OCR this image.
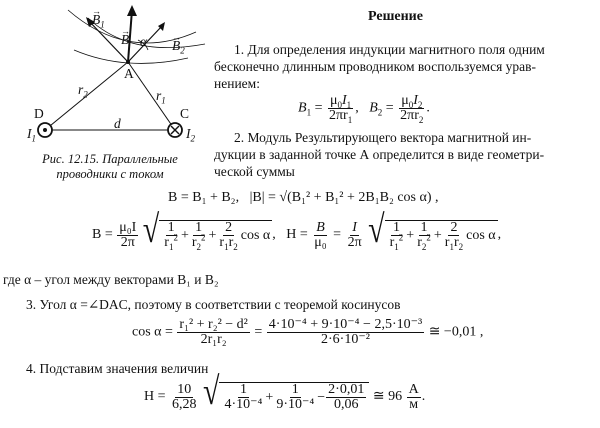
→ $B_1$
→ B α
→ $B_2$
A
$r_2$	$r_1$
D	C
d
$I_1$	$I_2$
Рис. 12.15. Параллельные
проводники с током
Решение
1. Для определения индукции магнитного поля одним
бесконечно длинным проводником воспользуемся урав-
нением:
$B_1 = \frac{\mu_0I_1}{2\pi r_1}$ ,   $B_2 = \frac{\mu_0I_2}{2\pi r_2}$ .
2. Модуль Результирующего вектора магнитной ин-
дукции в заданной точке А определится в виде геометри-
ческой суммы
B = B₁ + B₂, |B| = √(B₁² + B₁² + 2B₁B₂ cos α) ,
$B = \frac{\text{μ₀I}}{2\pi}$
√ $\frac{1}{r_1^2} + \frac{1}{r_2^2} + \frac{2}{r_1r_2}$ cos α ,   $H = \frac{B}{\text{μ₀}} = \frac{I}{2\pi}$
√ $\frac{1}{r_1^2} + \frac{1}{r_2^2} + \frac{2}{r_1r_2}$ cos α ,
где α – угол между векторами B₁ и B₂
3. Угол α =∠DAC, поэтому в соответствии с теоремой косинусов
$\cos \alpha = \frac{\text{r₁² + r₂² − d²}}{\text{2r₁r₂}} = \frac{\text{4·10⁻⁴ + 9·10⁻⁴ − 2,5·10⁻³}}{\text{2·6·10⁻²}}$ ≅ −0,01 ,
4. Подставим значения величин
$H = \frac{10}{6,28}$
√ $\frac{1}{\text{4·10⁻⁴}} + \frac{1}{\text{9·10⁻⁴}} - \frac{2\cdot 0,01}{0,06}$ ≅ $96 \frac{А}{м}$ .
